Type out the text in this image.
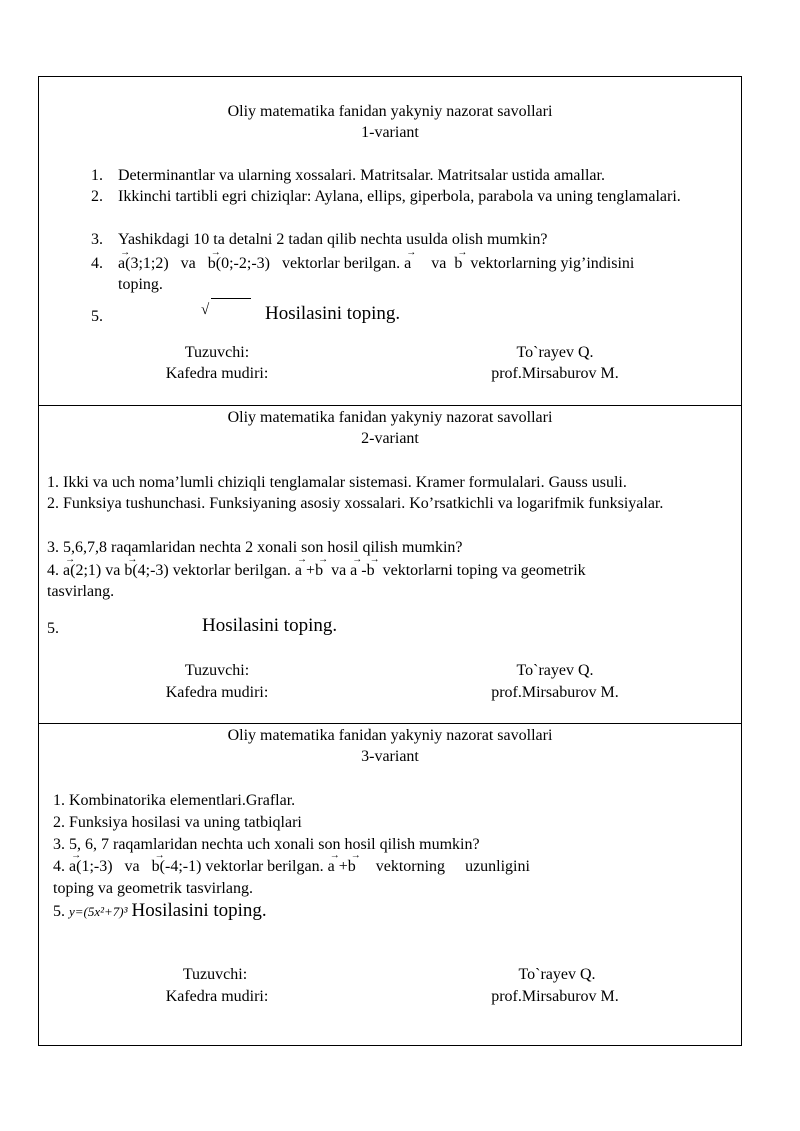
Oliy matematika fanidan yakyniy nazorat savollari
1-variant
1. Determinantlar va ularning xossalari. Matritsalar. Matritsalar ustida amallar.
2. Ikkinchi tartibli egri chiziqlar: Aylana, ellips, giperbola, parabola va uning tenglamalari.
3. Yashikdagi 10 ta detalni 2 tadan qilib nechta usulda olish mumkin?
4. → a(3;1;2) va → b(0;-2;-3) vektorlar berilgan. → a va → b vektorlarning yig’indisini
toping.
5.	√	Hosilasini toping.
Tuzuvchi:	To`rayev Q.
Kafedra mudiri:	prof.Mirsaburov M.
Oliy matematika fanidan yakyniy nazorat savollari
2-variant
1. Ikki va uch noma’lumli chiziqli tenglamalar sistemasi. Kramer formulalari. Gauss usuli.
2. Funksiya tushunchasi. Funksiyaning asosiy xossalari. Ko’rsatkichli va logarifmik funksiyalar.
3. 5,6,7,8 raqamlaridan nechta 2 xonali son hosil qilish mumkin?
4. → a(2;1) va → b(4;-3) vektorlar berilgan. → a +→ b va → a -→ b vektorlarni toping va geometrik
tasvirlang.
5.	Hosilasini toping.
Tuzuvchi:	To`rayev Q.
Kafedra mudiri:	prof.Mirsaburov M.
Oliy matematika fanidan yakyniy nazorat savollari
3-variant
1. Kombinatorika elementlari.Graflar.
2. Funksiya hosilasi va uning tatbiqlari
3. 5, 6, 7 raqamlaridan nechta uch xonali son hosil qilish mumkin?
4. → a(1;-3) va → b(-4;-1) vektorlar berilgan. → a +→ b vektorning uzunligini
toping va geometrik tasvirlang.
5. y=(5x²+7)³ Hosilasini toping.
Tuzuvchi:	To`rayev Q.
Kafedra mudiri:	prof.Mirsaburov M.
